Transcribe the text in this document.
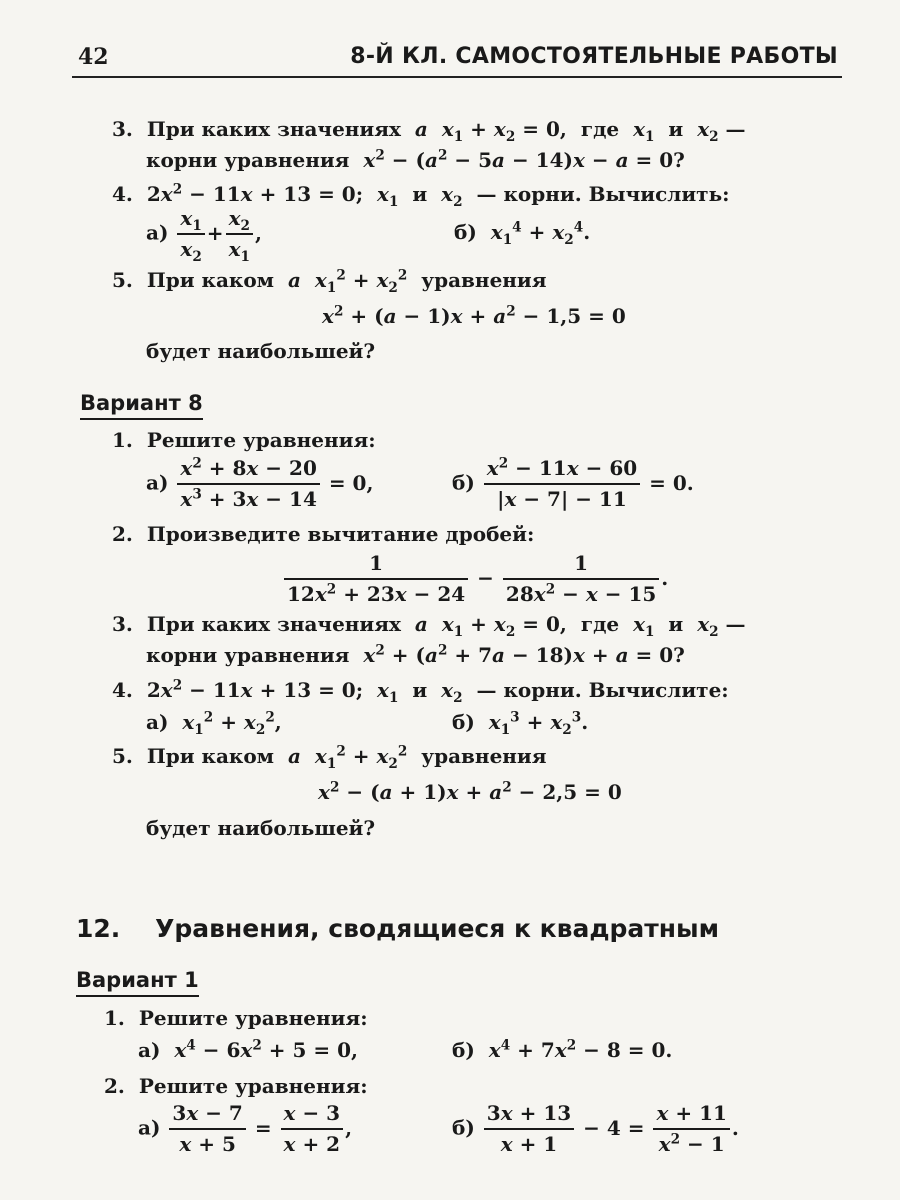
42	8-Й КЛ. САМОСТОЯТЕЛЬНЫЕ РАБОТЫ
3. При каких значениях a $x_1 + x_2 = 0$, где $x_1$ и $x_2$ —
корни уравнения $x^2 - (a^2 - 5a - 14)x - a = 0$?
4. $2x^2 - 11x + 13 = 0$; $x_1$ и $x_2$ — корни. Вычислить:
$а) \frac{x_1}{x_2} + \frac{x_2}{x_1}$ ,	б) $x_1^4 + x_2^4$.
5. При каком a $x_1^2 + x_2^2$ уравнения
$x^2 + (a - 1)x + a^2 - 1,5 = 0$
будет наибольшей?
Вариант 8
1. Решите уравнения:
$а) \frac{x^2 + 8x - 20}{x^3 + 3x - 14} = 0$,	$б) \frac{x^2 - 11x - 60}{|x - 7| - 11} = 0$.
2. Произведите вычитание дробей:
$\frac{1}{12x^2 + 23x - 24} - \frac{1}{28x^2 - x - 15}$ .
3. При каких значениях a $x_1 + x_2 = 0$, где $x_1$ и $x_2$ —
корни уравнения $x^2 + (a^2 + 7a - 18)x + a = 0$?
4. $2x^2 - 11x + 13 = 0$; $x_1$ и $x_2$ — корни. Вычислите:
а) $x_1^2 + x_2^2$,	б) $x_1^3 + x_2^3$.
5. При каком a $x_1^2 + x_2^2$ уравнения
$x^2 - (a + 1)x + a^2 - 2,5 = 0$
будет наибольшей?
12. Уравнения, сводящиеся к квадратным
Вариант 1
1. Решите уравнения:
а) $x^4 - 6x^2 + 5 = 0$,	б) $x^4 + 7x^2 - 8 = 0$.
2. Решите уравнения:
$а) \frac{3x - 7}{x + 5} = \frac{x - 3}{x + 2}$ ,	$б) \frac{3x + 13}{x + 1} - 4 = \frac{x + 11}{x^2 - 1}$ .
